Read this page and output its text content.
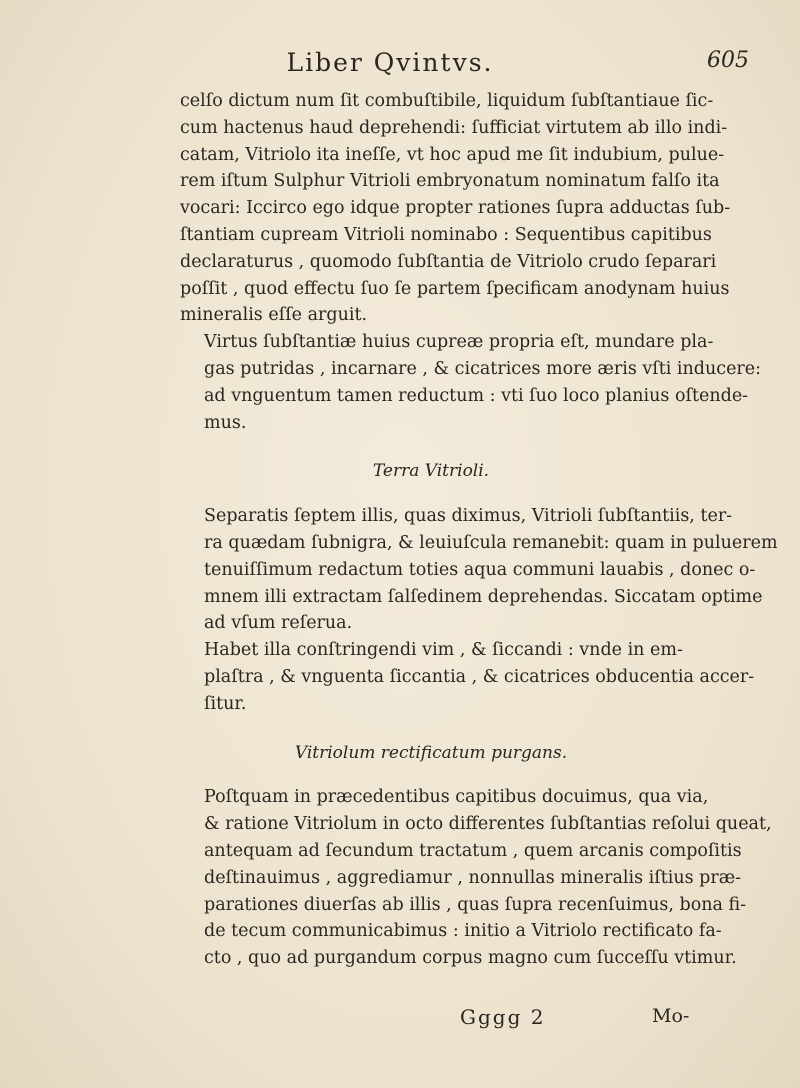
Liber Qvintvs.	605

celſo dictum num ſit combuſtibile, liquidum ſubſtantiaue ſic-
cum hactenus haud deprehendi: ſufficiat virtutem ab illo indi-
catam, Vitriolo ita ineſſe, vt hoc apud me ſit indubium, pulue-
rem iſtum Sulphur Vitrioli embryonatum nominatum falſo ita
vocari: Iccirco ego idque propter rationes ſupra adductas ſub-
ſtantiam cupream Vitrioli nominabo : Sequentibus capitibus
declaraturus , quomodo ſubſtantia de Vitriolo crudo ſeparari
poſſit , quod effectu ſuo ſe partem ſpecificam anodynam huius
mineralis eſſe arguit.

Virtus ſubſtantiæ huius cupreæ propria eſt, mundare pla-
gas putridas , incarnare , & cicatrices more æris vſti inducere:
ad vnguentum tamen reductum : vti ſuo loco planius oſtende-
mus.

Terra Vitrioli.

Separatis ſeptem illis, quas diximus, Vitrioli ſubſtantiis, ter-
ra quædam ſubnigra, & leuiuſcula remanebit: quam in puluerem
tenuiſſimum redactum toties aqua communi lauabis , donec o-
mnem illi extractam ſalſedinem deprehendas. Siccatam optime
ad vſum reſerua.

Habet illa conſtringendi vim , & ſiccandi : vnde in em-
plaſtra , & vnguenta ſiccantia , & cicatrices obducentia accer-
ſitur.

Vitriolum rectificatum purgans.

Poſtquam in præcedentibus capitibus docuimus, qua via,
& ratione Vitriolum in octo differentes ſubſtantias reſolui queat,
antequam ad ſecundum tractatum , quem arcanis compoſitis
deſtinauimus , aggrediamur , nonnullas mineralis iſtius præ-
parationes diuerſas ab illis , quas ſupra recenſuimus, bona fi-
de tecum communicabimus : initio a Vitriolo rectificato fa-
cto , quo ad purgandum corpus magno cum ſucceſſu vtimur.

Gggg 2	Mo-
